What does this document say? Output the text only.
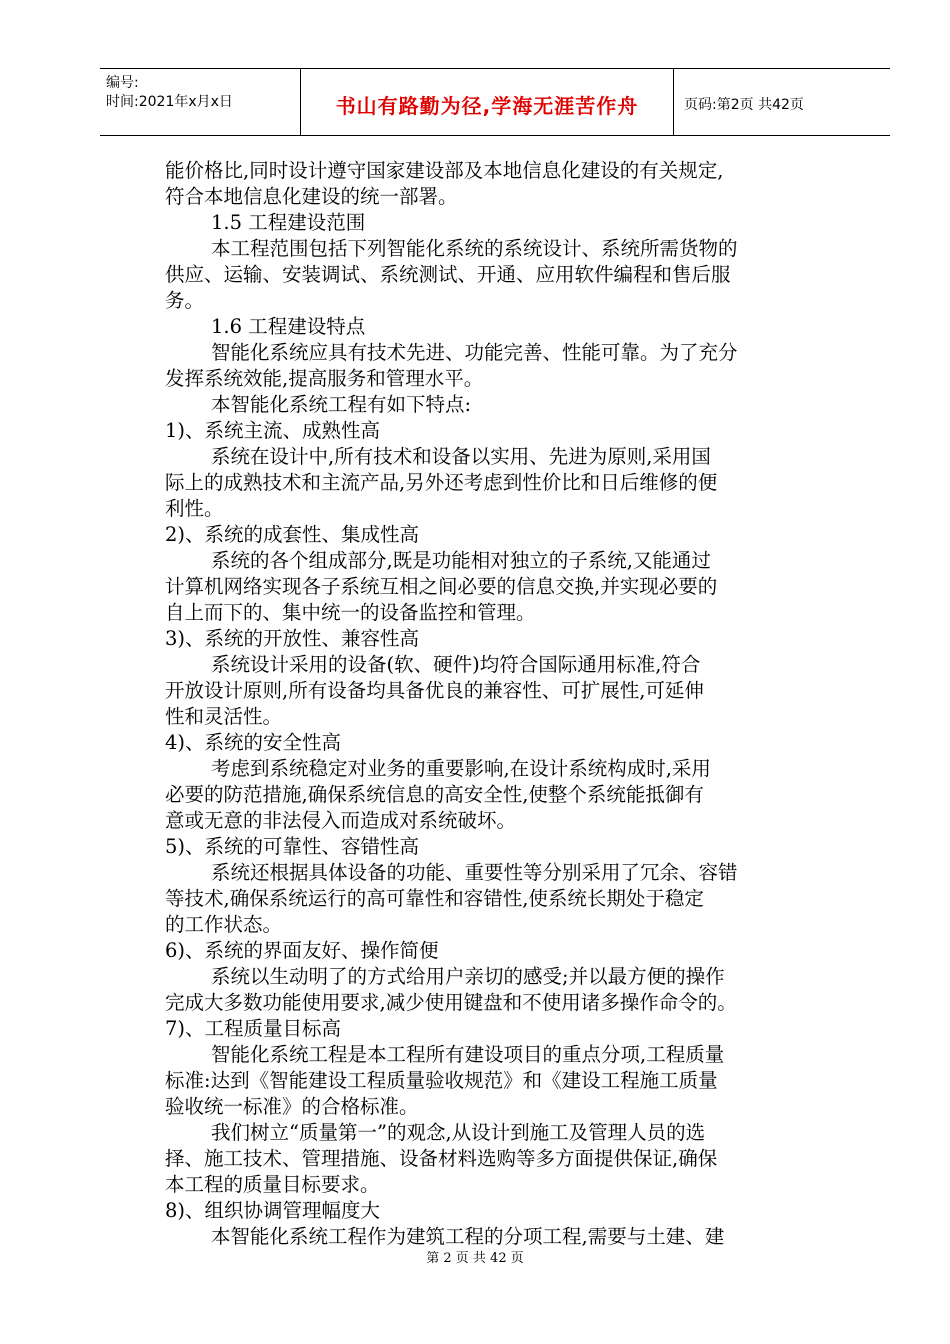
编号:
时间:2021年x月x日	书山有路勤为径,学海无涯苦作舟	页码:第2页 共42页
能价格比,同时设计遵守国家建设部及本地信息化建设的有关规定,
符合本地信息化建设的统一部署。
1.5 工程建设范围
本工程范围包括下列智能化系统的系统设计、系统所需货物的
供应、运输、安装调试、系统测试、开通、应用软件编程和售后服
务。
1.6 工程建设特点
智能化系统应具有技术先进、功能完善、性能可靠。为了充分
发挥系统效能,提高服务和管理水平。
本智能化系统工程有如下特点:
1)、系统主流、成熟性高
系统在设计中,所有技术和设备以实用、先进为原则,采用国
际上的成熟技术和主流产品,另外还考虑到性价比和日后维修的便
利性。
2)、系统的成套性、集成性高
系统的各个组成部分,既是功能相对独立的子系统,又能通过
计算机网络实现各子系统互相之间必要的信息交换,并实现必要的
自上而下的、集中统一的设备监控和管理。
3)、系统的开放性、兼容性高
系统设计采用的设备(软、硬件)均符合国际通用标准,符合
开放设计原则,所有设备均具备优良的兼容性、可扩展性,可延伸
性和灵活性。
4)、系统的安全性高
考虑到系统稳定对业务的重要影响,在设计系统构成时,采用
必要的防范措施,确保系统信息的高安全性,使整个系统能抵御有
意或无意的非法侵入而造成对系统破坏。
5)、系统的可靠性、容错性高
系统还根据具体设备的功能、重要性等分别采用了冗余、容错
等技术,确保系统运行的高可靠性和容错性,使系统长期处于稳定
的工作状态。
6)、系统的界面友好、操作简便
系统以生动明了的方式给用户亲切的感受;并以最方便的操作
完成大多数功能使用要求,减少使用键盘和不使用诸多操作命令的。
7)、工程质量目标高
智能化系统工程是本工程所有建设项目的重点分项,工程质量
标准:达到《智能建设工程质量验收规范》和《建设工程施工质量
验收统一标准》的合格标准。
我们树立“质量第一”的观念,从设计到施工及管理人员的选
择、施工技术、管理措施、设备材料选购等多方面提供保证,确保
本工程的质量目标要求。
8)、组织协调管理幅度大
本智能化系统工程作为建筑工程的分项工程,需要与土建、建
第 2 页 共 42 页
